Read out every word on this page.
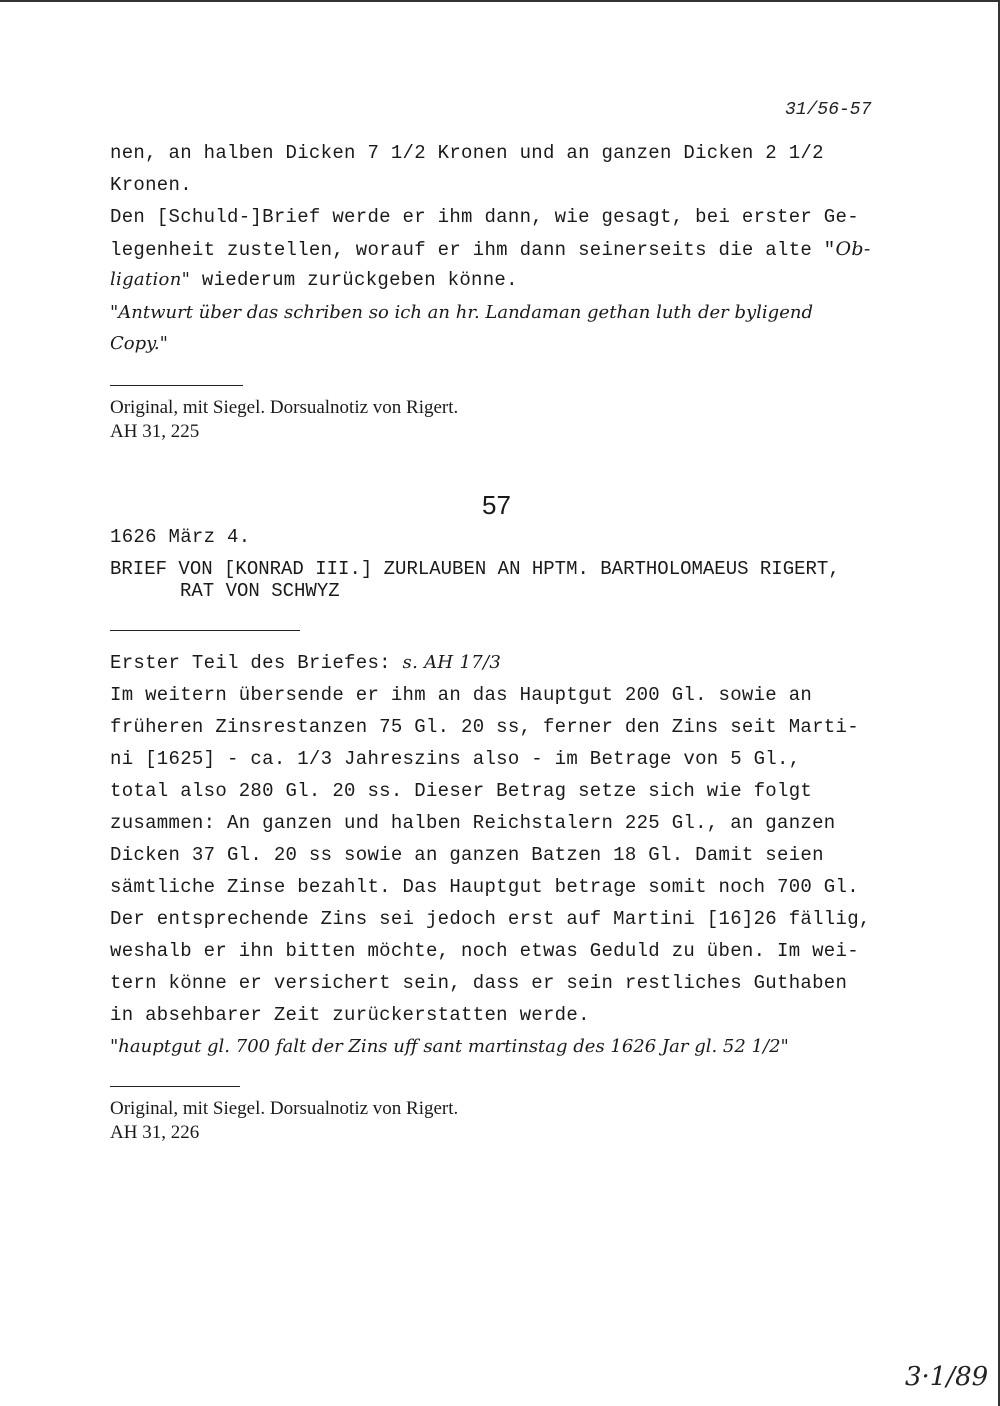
31/56-57
nen, an halben Dicken 7 1/2 Kronen und an ganzen Dicken 2 1/2
Kronen.
Den [Schuld-]Brief werde er ihm dann, wie gesagt, bei erster Ge-
legenheit zustellen, worauf er ihm dann seinerseits die alte "Ob-
ligation" wiederum zurückgeben könne.
"Antwurt über das schriben so ich an hr. Landaman gethan luth der byligend
Copy."
Original, mit Siegel. Dorsualnotiz von Rigert.
AH 31, 225
57
1626 März 4.
BRIEF VON [KONRAD III.] ZURLAUBEN AN HPTM. BARTHOLOMAEUS RIGERT,
RAT VON SCHWYZ
Erster Teil des Briefes: s. AH 17/3
Im weitern übersende er ihm an das Hauptgut 200 Gl. sowie an
früheren Zinsrestanzen 75 Gl. 20 ss, ferner den Zins seit Marti-
ni [1625] - ca. 1/3 Jahreszins also - im Betrage von 5 Gl.,
total also 280 Gl. 20 ss. Dieser Betrag setze sich wie folgt
zusammen: An ganzen und halben Reichstalern 225 Gl., an ganzen
Dicken 37 Gl. 20 ss sowie an ganzen Batzen 18 Gl. Damit seien
sämtliche Zinse bezahlt. Das Hauptgut betrage somit noch 700 Gl.
Der entsprechende Zins sei jedoch erst auf Martini [16]26 fällig,
weshalb er ihn bitten möchte, noch etwas Geduld zu üben. Im wei-
tern könne er versichert sein, dass er sein restliches Guthaben
in absehbarer Zeit zurückerstatten werde.
"hauptgut gl. 700 falt der Zins uff sant martinstag des 1626 Jar gl. 52 1/2"
Original, mit Siegel. Dorsualnotiz von Rigert.
AH 31, 226
3·1/89
